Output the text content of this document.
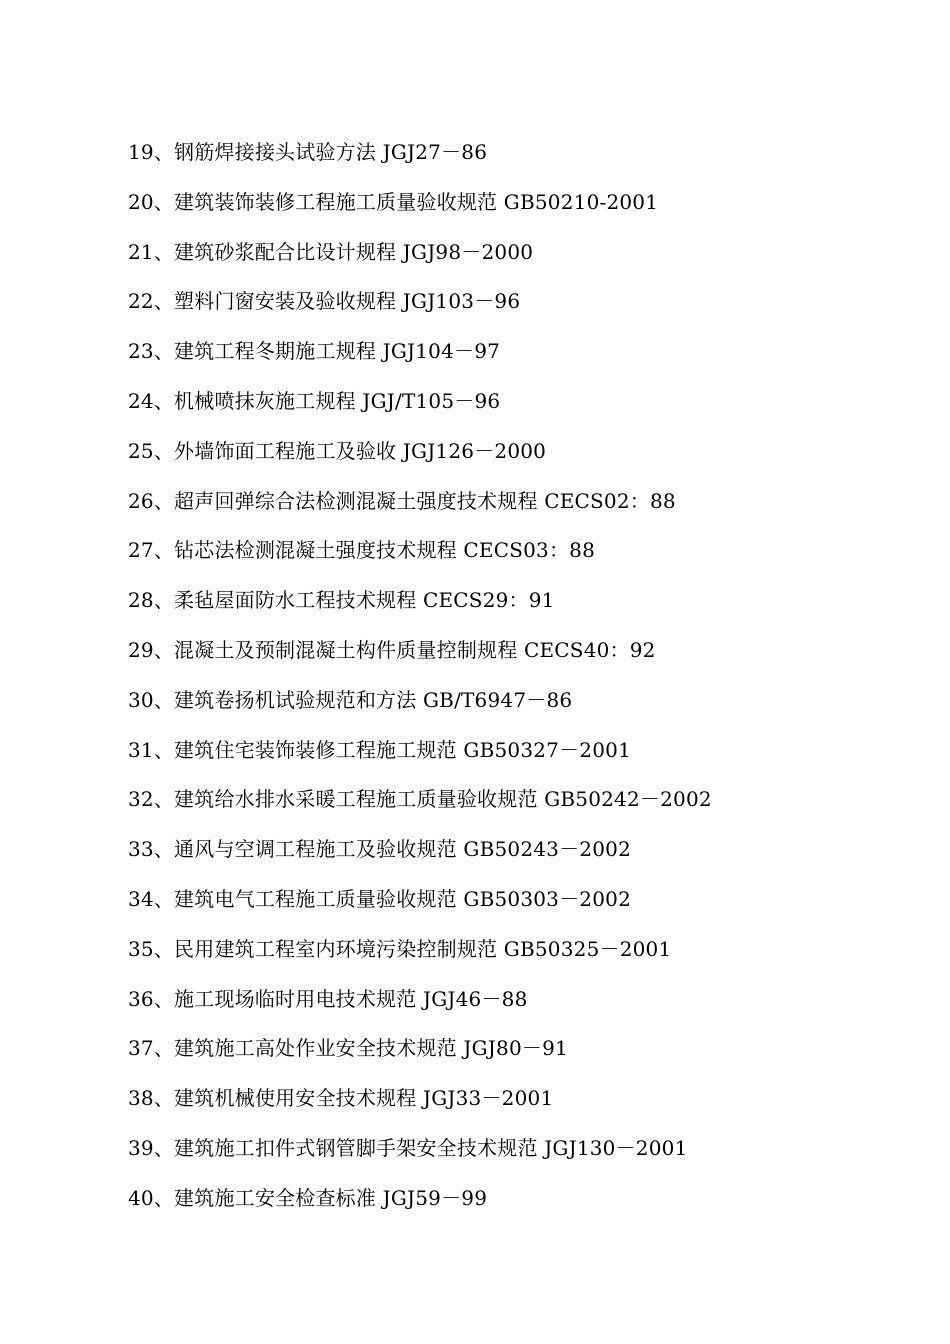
19、钢筋焊接接头试验方法 JGJ27－86
20、建筑装饰装修工程施工质量验收规范 GB50210-2001
21、建筑砂浆配合比设计规程 JGJ98－2000
22、塑料门窗安装及验收规程 JGJ103－96
23、建筑工程冬期施工规程 JGJ104－97
24、机械喷抹灰施工规程 JGJ/T105－96
25、外墙饰面工程施工及验收 JGJ126－2000
26、超声回弹综合法检测混凝土强度技术规程 CECS02：88
27、钻芯法检测混凝土强度技术规程 CECS03：88
28、柔毡屋面防水工程技术规程 CECS29：91
29、混凝土及预制混凝土构件质量控制规程 CECS40：92
30、建筑卷扬机试验规范和方法 GB/T6947－86
31、建筑住宅装饰装修工程施工规范 GB50327－2001
32、建筑给水排水采暖工程施工质量验收规范 GB50242－2002
33、通风与空调工程施工及验收规范 GB50243－2002
34、建筑电气工程施工质量验收规范 GB50303－2002
35、民用建筑工程室内环境污染控制规范 GB50325－2001
36、施工现场临时用电技术规范 JGJ46－88
37、建筑施工高处作业安全技术规范 JGJ80－91
38、建筑机械使用安全技术规程 JGJ33－2001
39、建筑施工扣件式钢管脚手架安全技术规范 JGJ130－2001
40、建筑施工安全检查标准 JGJ59－99
